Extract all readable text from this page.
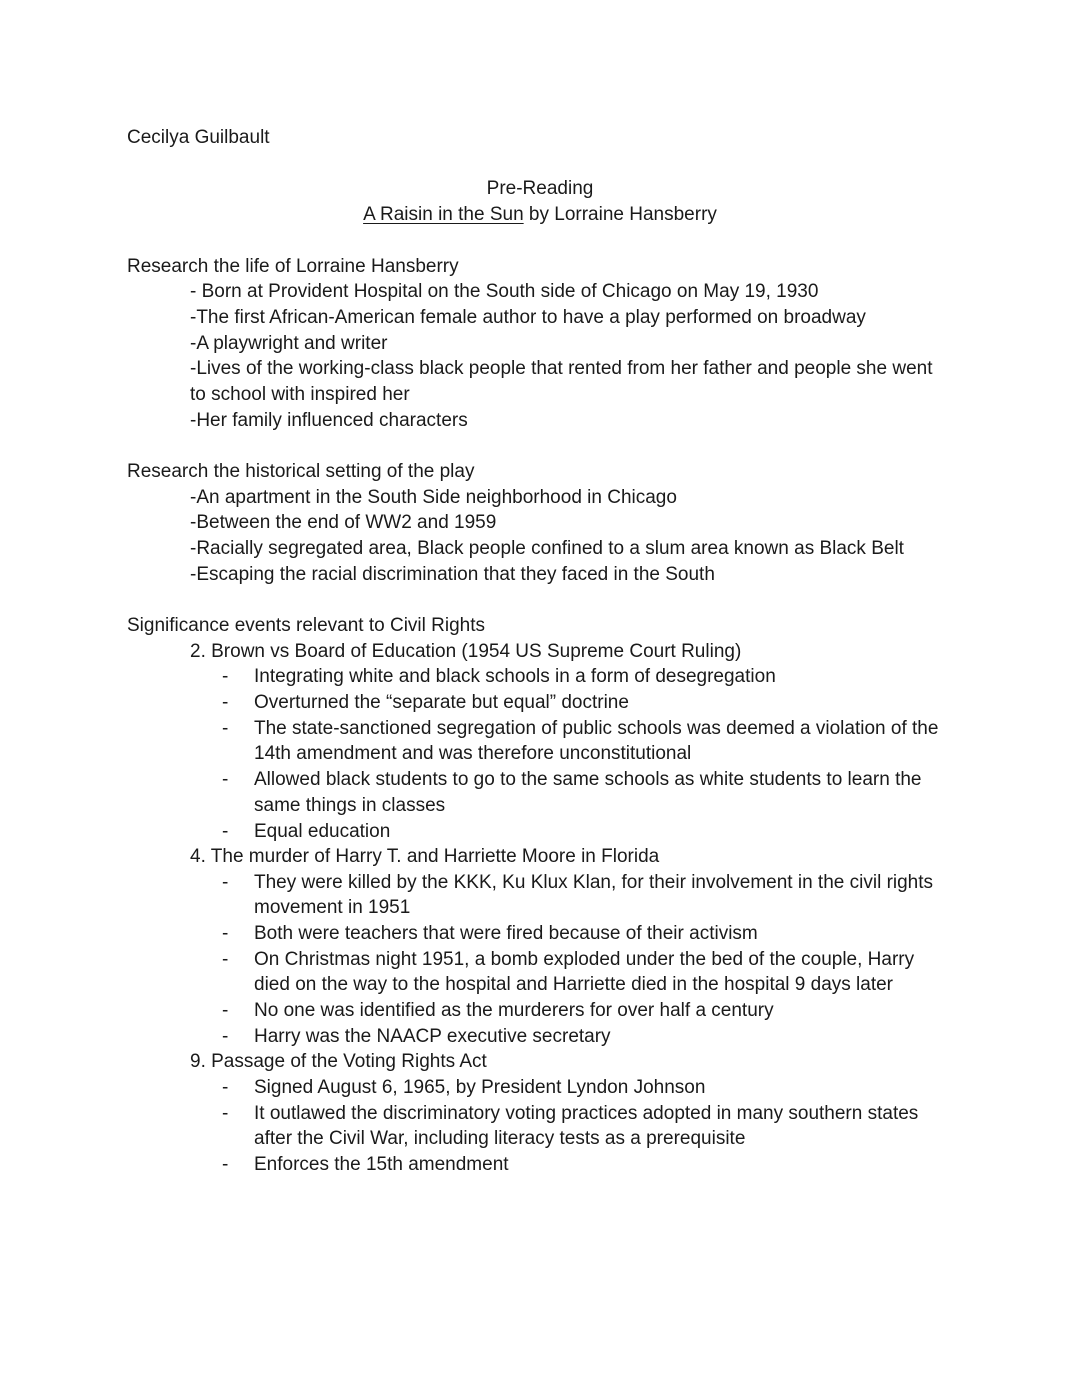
Cecilya Guilbault
Pre-Reading
A Raisin in the Sun by Lorraine Hansberry
Research the life of Lorraine Hansberry
- Born at Provident Hospital on the South side of Chicago on May 19, 1930
-The first African-American female author to have a play performed on broadway
-A playwright and writer
-Lives of the working-class black people that rented from her father and people she went
to school with inspired her
-Her family influenced characters
Research the historical setting of the play
-An apartment in the South Side neighborhood in Chicago
-Between the end of WW2 and 1959
-Racially segregated area, Black people confined to a slum area known as Black Belt
-Escaping the racial discrimination that they faced in the South
Significance events relevant to Civil Rights
2. Brown vs Board of Education (1954 US Supreme Court Ruling)
- Integrating white and black schools in a form of desegregation
- Overturned the “separate but equal” doctrine
- The state-sanctioned segregation of public schools was deemed a violation of the
14th amendment and was therefore unconstitutional
- Allowed black students to go to the same schools as white students to learn the
same things in classes
- Equal education
4. The murder of Harry T. and Harriette Moore in Florida
- They were killed by the KKK, Ku Klux Klan, for their involvement in the civil rights
movement in 1951
- Both were teachers that were fired because of their activism
- On Christmas night 1951, a bomb exploded under the bed of the couple, Harry
died on the way to the hospital and Harriette died in the hospital 9 days later
- No one was identified as the murderers for over half a century
- Harry was the NAACP executive secretary
9. Passage of the Voting Rights Act
- Signed August 6, 1965, by President Lyndon Johnson
- It outlawed the discriminatory voting practices adopted in many southern states
after the Civil War, including literacy tests as a prerequisite
- Enforces the 15th amendment
